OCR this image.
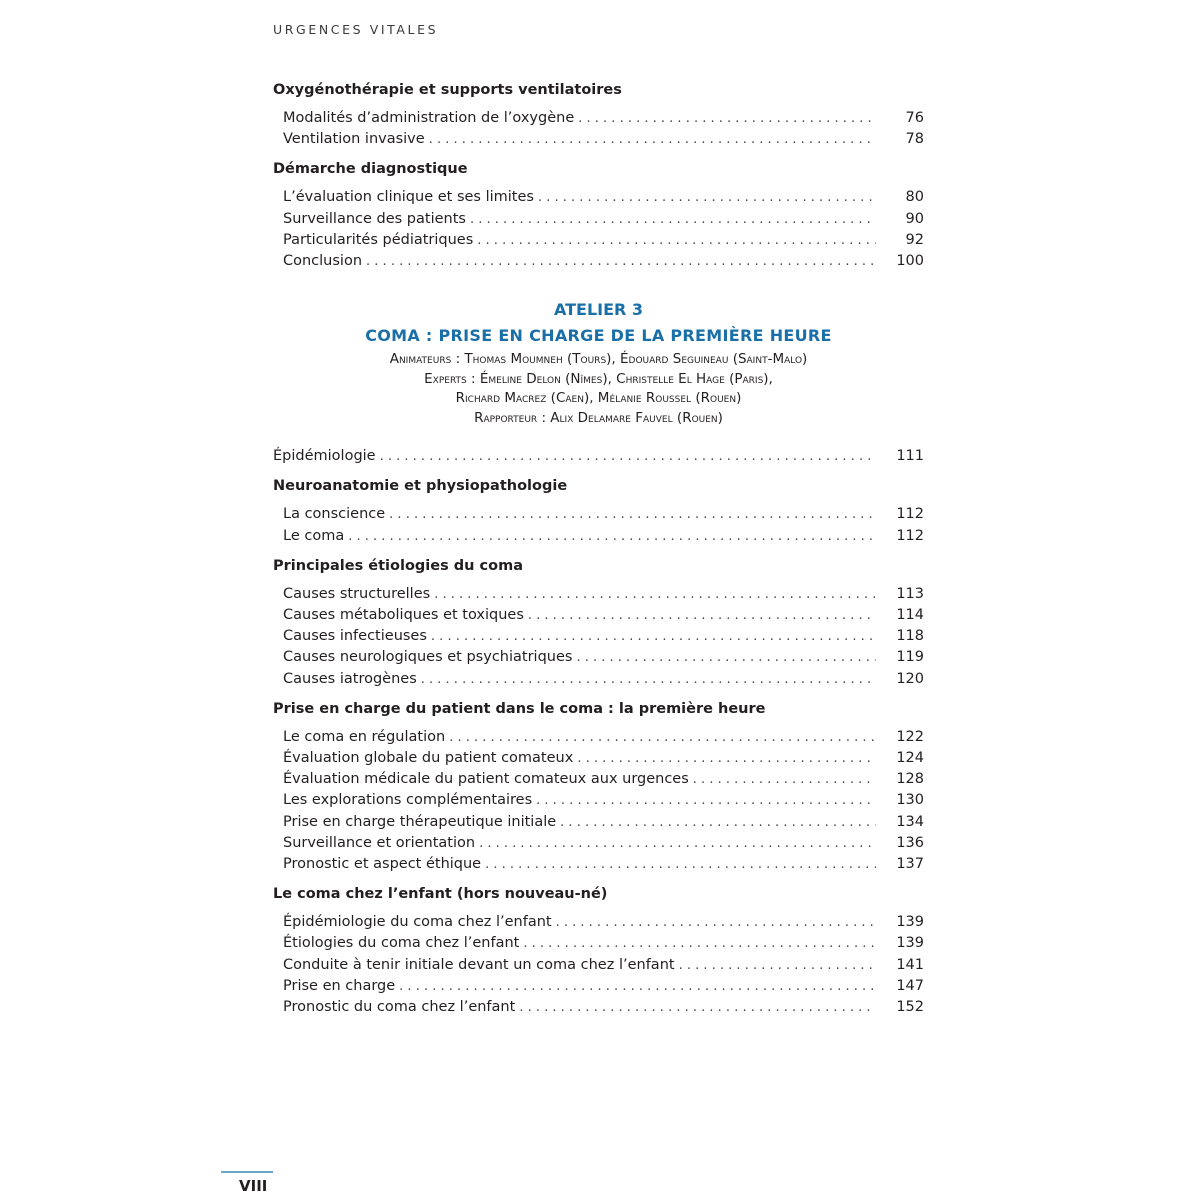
URGENCES VITALES
Oxygénothérapie et supports ventilatoires
Modalités d’administration de l’oxygène . . .	76
Ventilation invasive . . .	78
Démarche diagnostique
L’évaluation clinique et ses limites . . .	80
Surveillance des patients . . .	90
Particularités pédiatriques . . .	92
Conclusion . . .	100
ATELIER 3
COMA : PRISE EN CHARGE DE LA PREMIÈRE HEURE
Animateurs : Thomas Moumneh (Tours), Édouard Seguineau (Saint-Malo)
Experts : Émeline Delon (Nîmes), Christelle El Hage (Paris),
Richard Macrez (Caen), Mélanie Roussel (Rouen)
Rapporteur : Alix Delamare Fauvel (Rouen)
Épidémiologie . . .	111
Neuroanatomie et physiopathologie
La conscience . . .	112
Le coma . . .	112
Principales étiologies du coma
Causes structurelles . . .	113
Causes métaboliques et toxiques . . .	114
Causes infectieuses . . .	118
Causes neurologiques et psychiatriques . . .	119
Causes iatrogènes . . .	120
Prise en charge du patient dans le coma : la première heure
Le coma en régulation . . .	122
Évaluation globale du patient comateux . . .	124
Évaluation médicale du patient comateux aux urgences . . .	128
Les explorations complémentaires . . .	130
Prise en charge thérapeutique initiale . . .	134
Surveillance et orientation . . .	136
Pronostic et aspect éthique . . .	137
Le coma chez l’enfant (hors nouveau-né)
Épidémiologie du coma chez l’enfant . . .	139
Étiologies du coma chez l’enfant . . .	139
Conduite à tenir initiale devant un coma chez l’enfant . . .	141
Prise en charge . . .	147
Pronostic du coma chez l’enfant . . .	152
VIII
